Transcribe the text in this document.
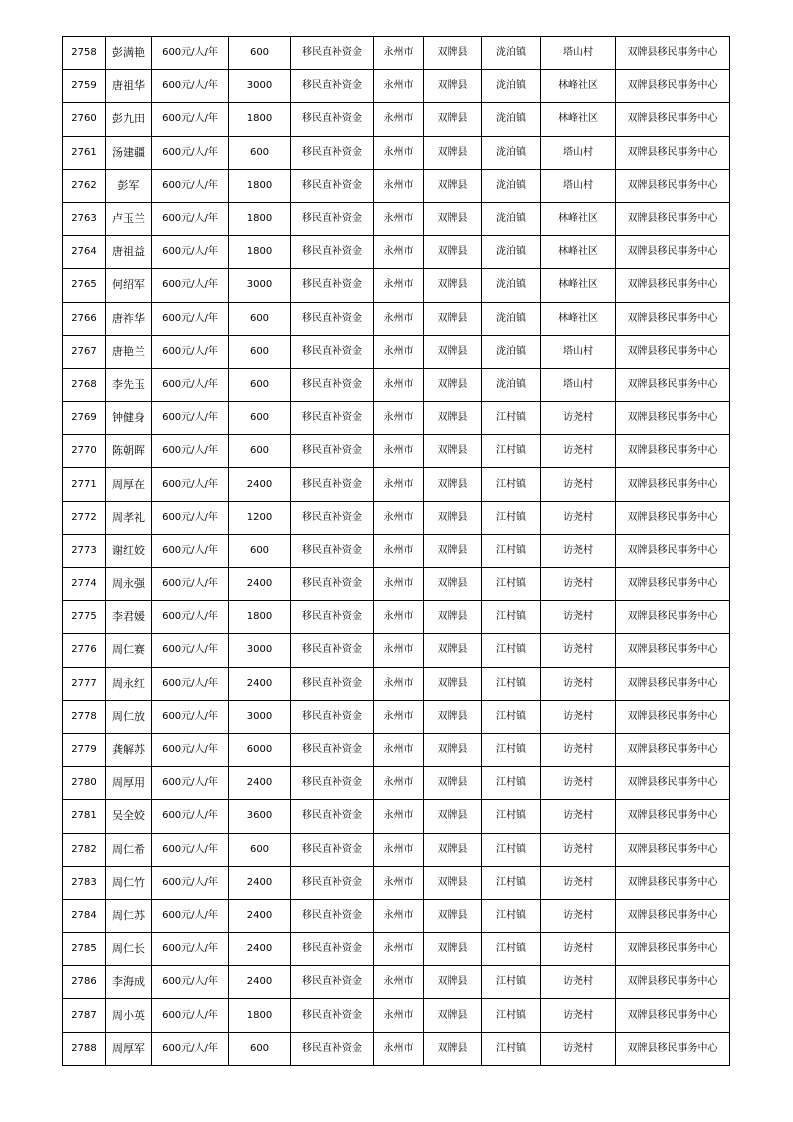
2758	彭满艳	600元/人/年	600	移民直补资金	永州市	双牌县	泷泊镇	塔山村	双牌县移民事务中心
2759	唐祖华	600元/人/年	3000	移民直补资金	永州市	双牌县	泷泊镇	林峰社区	双牌县移民事务中心
2760	彭九田	600元/人/年	1800	移民直补资金	永州市	双牌县	泷泊镇	林峰社区	双牌县移民事务中心
2761	汤建疆	600元/人/年	600	移民直补资金	永州市	双牌县	泷泊镇	塔山村	双牌县移民事务中心
2762	彭军	600元/人/年	1800	移民直补资金	永州市	双牌县	泷泊镇	塔山村	双牌县移民事务中心
2763	卢玉兰	600元/人/年	1800	移民直补资金	永州市	双牌县	泷泊镇	林峰社区	双牌县移民事务中心
2764	唐祖益	600元/人/年	1800	移民直补资金	永州市	双牌县	泷泊镇	林峰社区	双牌县移民事务中心
2765	何绍军	600元/人/年	3000	移民直补资金	永州市	双牌县	泷泊镇	林峰社区	双牌县移民事务中心
2766	唐祚华	600元/人/年	600	移民直补资金	永州市	双牌县	泷泊镇	林峰社区	双牌县移民事务中心
2767	唐艳兰	600元/人/年	600	移民直补资金	永州市	双牌县	泷泊镇	塔山村	双牌县移民事务中心
2768	李先玉	600元/人/年	600	移民直补资金	永州市	双牌县	泷泊镇	塔山村	双牌县移民事务中心
2769	钟健身	600元/人/年	600	移民直补资金	永州市	双牌县	江村镇	访尧村	双牌县移民事务中心
2770	陈朝晖	600元/人/年	600	移民直补资金	永州市	双牌县	江村镇	访尧村	双牌县移民事务中心
2771	周厚在	600元/人/年	2400	移民直补资金	永州市	双牌县	江村镇	访尧村	双牌县移民事务中心
2772	周孝礼	600元/人/年	1200	移民直补资金	永州市	双牌县	江村镇	访尧村	双牌县移民事务中心
2773	谢红姣	600元/人/年	600	移民直补资金	永州市	双牌县	江村镇	访尧村	双牌县移民事务中心
2774	周永强	600元/人/年	2400	移民直补资金	永州市	双牌县	江村镇	访尧村	双牌县移民事务中心
2775	李君媛	600元/人/年	1800	移民直补资金	永州市	双牌县	江村镇	访尧村	双牌县移民事务中心
2776	周仁赛	600元/人/年	3000	移民直补资金	永州市	双牌县	江村镇	访尧村	双牌县移民事务中心
2777	周永红	600元/人/年	2400	移民直补资金	永州市	双牌县	江村镇	访尧村	双牌县移民事务中心
2778	周仁放	600元/人/年	3000	移民直补资金	永州市	双牌县	江村镇	访尧村	双牌县移民事务中心
2779	龚解苏	600元/人/年	6000	移民直补资金	永州市	双牌县	江村镇	访尧村	双牌县移民事务中心
2780	周厚用	600元/人/年	2400	移民直补资金	永州市	双牌县	江村镇	访尧村	双牌县移民事务中心
2781	吴全姣	600元/人/年	3600	移民直补资金	永州市	双牌县	江村镇	访尧村	双牌县移民事务中心
2782	周仁希	600元/人/年	600	移民直补资金	永州市	双牌县	江村镇	访尧村	双牌县移民事务中心
2783	周仁竹	600元/人/年	2400	移民直补资金	永州市	双牌县	江村镇	访尧村	双牌县移民事务中心
2784	周仁苏	600元/人/年	2400	移民直补资金	永州市	双牌县	江村镇	访尧村	双牌县移民事务中心
2785	周仁长	600元/人/年	2400	移民直补资金	永州市	双牌县	江村镇	访尧村	双牌县移民事务中心
2786	李海成	600元/人/年	2400	移民直补资金	永州市	双牌县	江村镇	访尧村	双牌县移民事务中心
2787	周小英	600元/人/年	1800	移民直补资金	永州市	双牌县	江村镇	访尧村	双牌县移民事务中心
2788	周厚军	600元/人/年	600	移民直补资金	永州市	双牌县	江村镇	访尧村	双牌县移民事务中心
